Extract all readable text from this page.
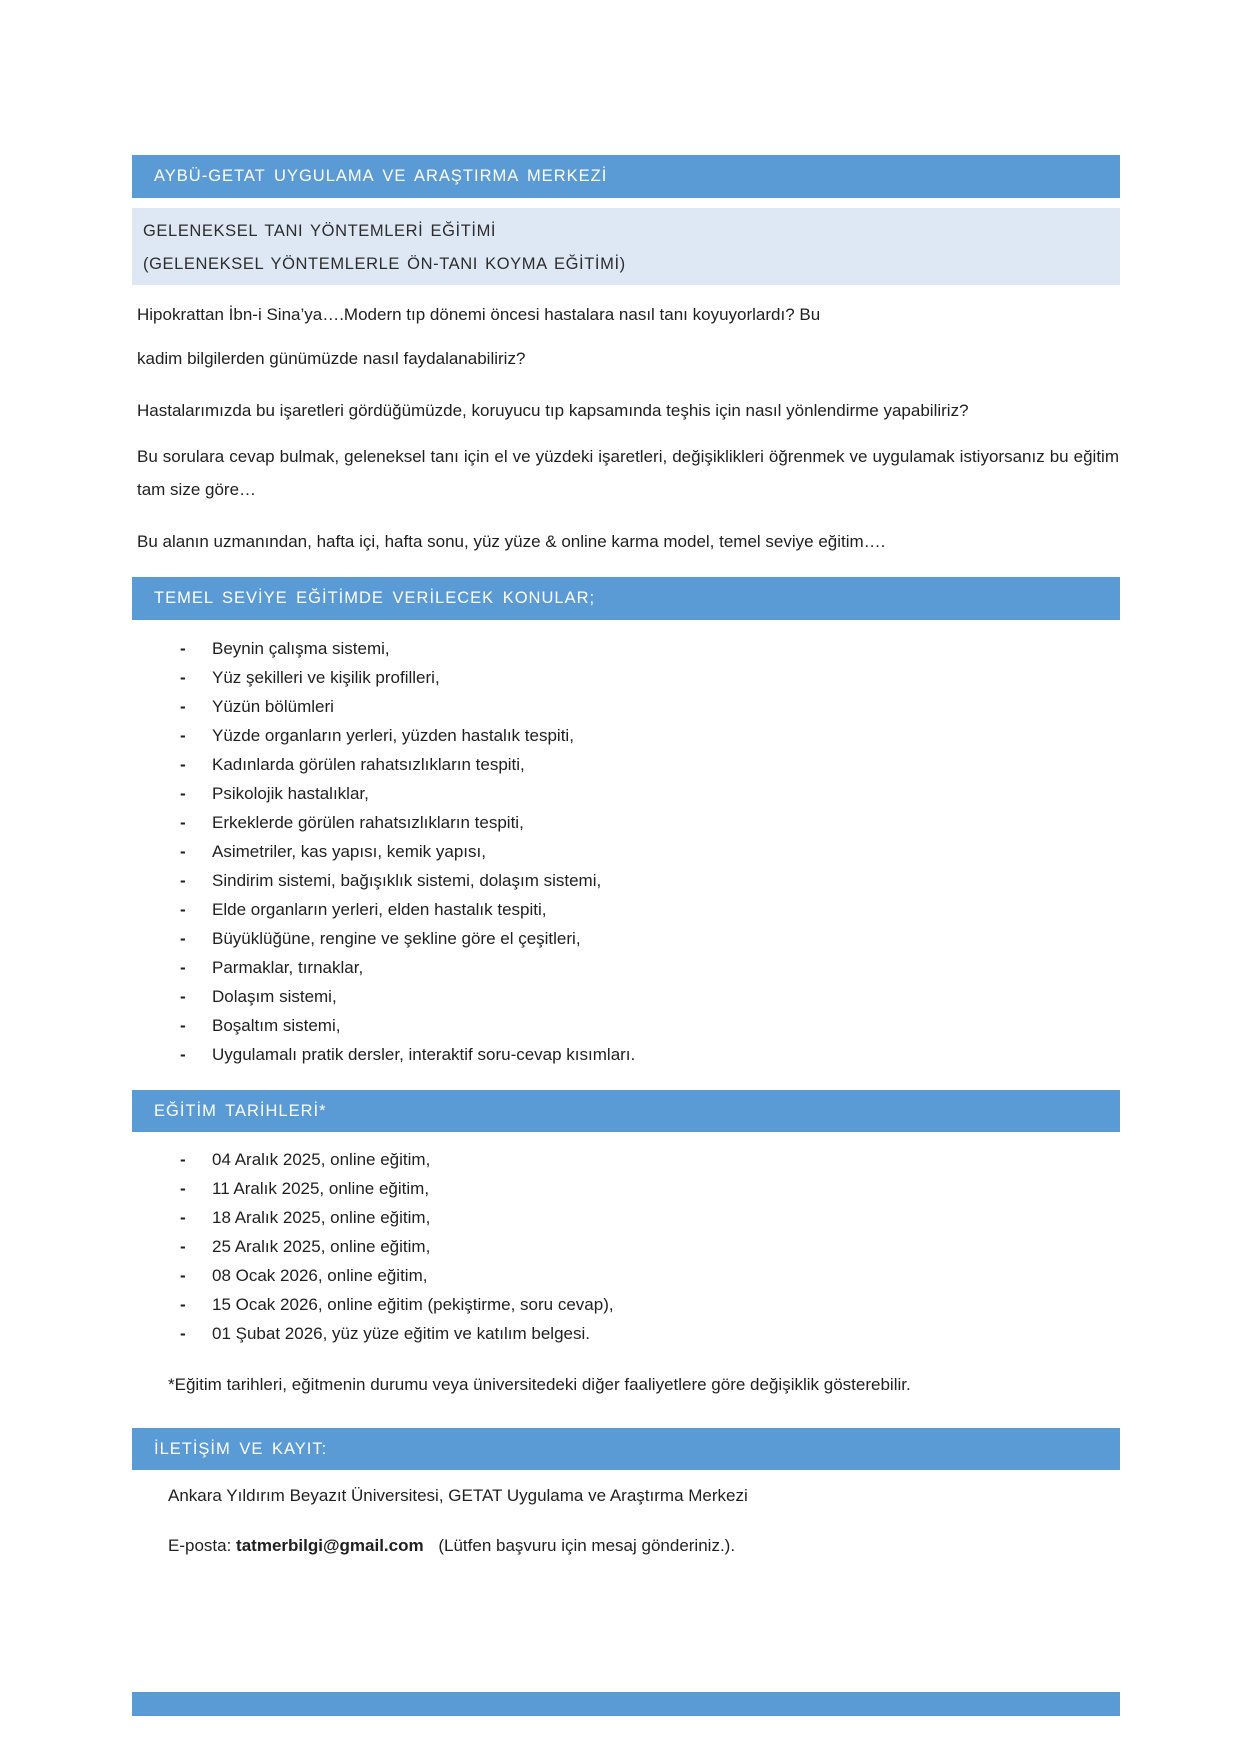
AYBÜ-GETAT UYGULAMA VE ARAŞTIRMA MERKEZİ
GELENEKSEL TANI YÖNTEMLERİ EĞİTİMİ
(GELENEKSEL YÖNTEMLERLE ÖN-TANI KOYMA EĞİTİMİ)

Hipokrattan İbn-i Sina’ya….Modern tıp dönemi öncesi hastalara nasıl tanı koyuyorlardı? Bu

kadim bilgilerden günümüzde nasıl faydalanabiliriz?

Hastalarımızda bu işaretleri gördüğümüzde, koruyucu tıp kapsamında teşhis için nasıl yönlendirme yapabiliriz?

Bu sorulara cevap bulmak, geleneksel tanı için el ve yüzdeki işaretleri, değişiklikleri öğrenmek ve uygulamak istiyorsanız bu eğitim tam size göre…

Bu alanın uzmanından, hafta içi, hafta sonu, yüz yüze & online karma model, temel seviye eğitim….

TEMEL SEVİYE EĞİTİMDE VERİLECEK KONULAR;
- Beynin çalışma sistemi,
- Yüz şekilleri ve kişilik profilleri,
- Yüzün bölümleri
- Yüzde organların yerleri, yüzden hastalık tespiti,
- Kadınlarda görülen rahatsızlıkların tespiti,
- Psikolojik hastalıklar,
- Erkeklerde görülen rahatsızlıkların tespiti,
- Asimetriler, kas yapısı, kemik yapısı,
- Sindirim sistemi, bağışıklık sistemi, dolaşım sistemi,
- Elde organların yerleri, elden hastalık tespiti,
- Büyüklüğüne, rengine ve şekline göre el çeşitleri,
- Parmaklar, tırnaklar,
- Dolaşım sistemi,
- Boşaltım sistemi,
- Uygulamalı pratik dersler, interaktif soru-cevap kısımları.
EĞİTİM TARİHLERİ*
- 04 Aralık 2025, online eğitim,
- 11 Aralık 2025, online eğitim,
- 18 Aralık 2025, online eğitim,
- 25 Aralık 2025, online eğitim,
- 08 Ocak 2026, online eğitim,
- 15 Ocak 2026, online eğitim (pekiştirme, soru cevap),
- 01 Şubat 2026, yüz yüze eğitim ve katılım belgesi.

*Eğitim tarihleri, eğitmenin durumu veya üniversitedeki diğer faaliyetlere göre değişiklik gösterebilir.

İLETİŞİM VE KAYIT:

Ankara Yıldırım Beyazıt Üniversitesi, GETAT Uygulama ve Araştırma Merkezi

E-posta: tatmerbilgi@gmail.com (Lütfen başvuru için mesaj gönderiniz.).
